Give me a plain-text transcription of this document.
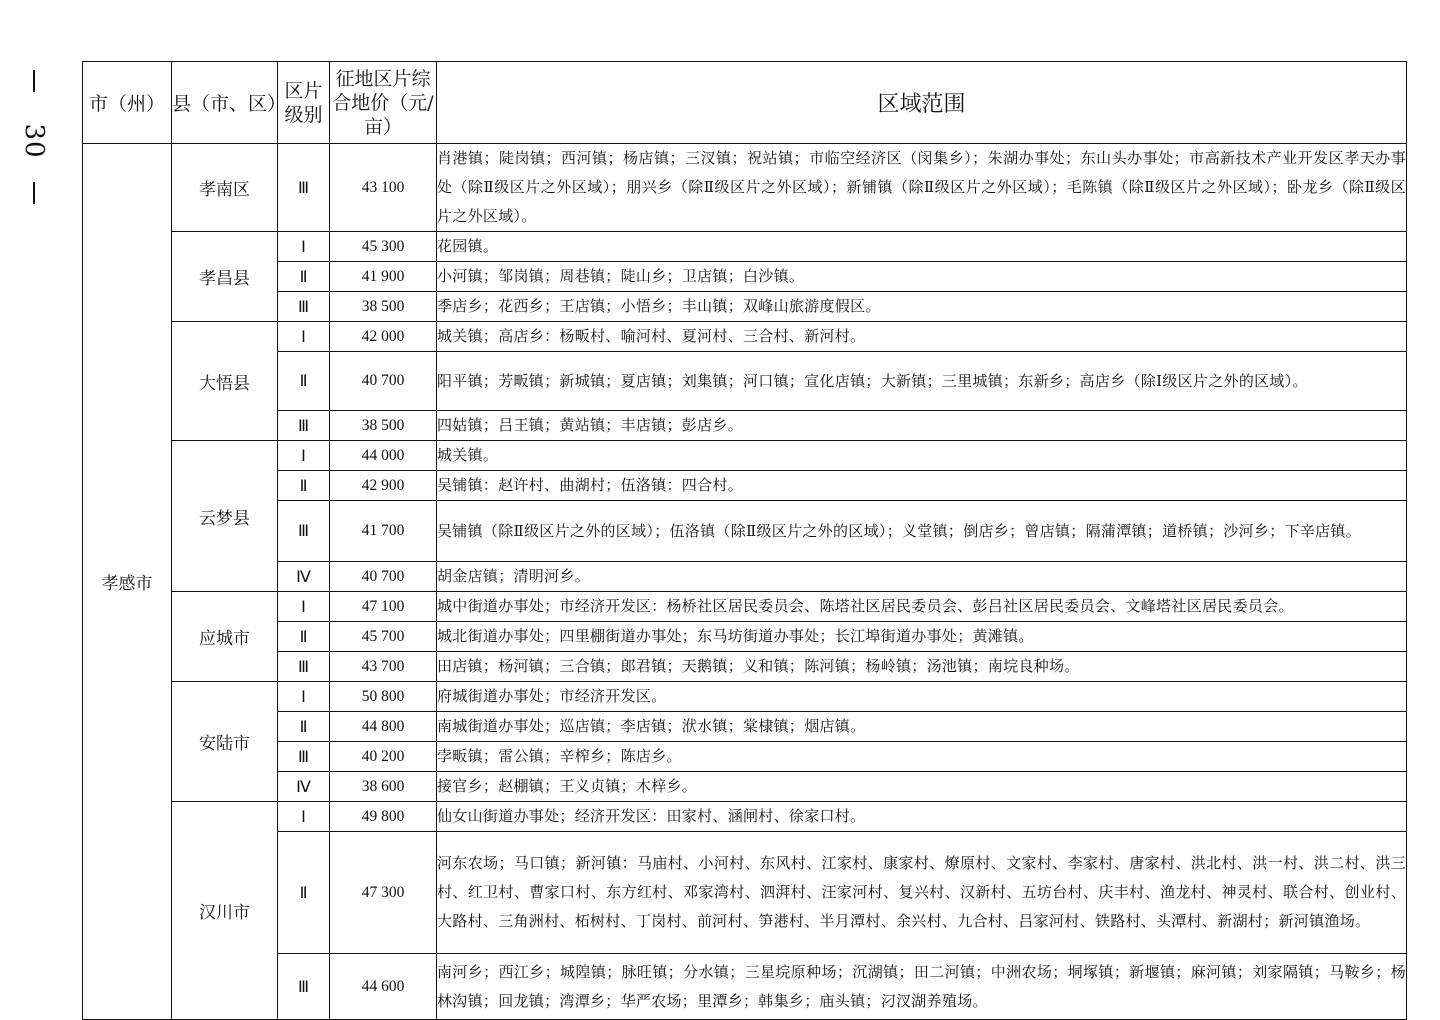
30
市（州）	县（市、区）	区片级别	征地区片综合地价（元/亩）	区域范围
孝感市	孝南区	Ⅲ	43 100	肖港镇；陡岗镇；西河镇；杨店镇；三汊镇；祝站镇；市临空经济区（闵集乡）；朱湖办事处；东山头办事处；市高新技术产业开发区孝天办事处（除Ⅱ级区片之外区域）；朋兴乡（除Ⅱ级区片之外区域）；新铺镇（除Ⅱ级区片之外区域）；毛陈镇（除Ⅱ级区片之外区域）；卧龙乡（除Ⅱ级区片之外区域）。
	孝昌县	Ⅰ	45 300	花园镇。
		Ⅱ	41 900	小河镇；邹岗镇；周巷镇；陡山乡；卫店镇；白沙镇。
		Ⅲ	38 500	季店乡；花西乡；王店镇；小悟乡；丰山镇；双峰山旅游度假区。
	大悟县	Ⅰ	42 000	城关镇；高店乡：杨畈村、喻河村、夏河村、三合村、新河村。
		Ⅱ	40 700	阳平镇；芳畈镇；新城镇；夏店镇；刘集镇；河口镇；宣化店镇；大新镇；三里城镇；东新乡；高店乡（除Ⅰ级区片之外的区域）。
		Ⅲ	38 500	四姑镇；吕王镇；黄站镇；丰店镇；彭店乡。
	云梦县	Ⅰ	44 000	城关镇。
		Ⅱ	42 900	吴铺镇：赵许村、曲湖村；伍洛镇：四合村。
		Ⅲ	41 700	吴铺镇（除Ⅱ级区片之外的区域）；伍洛镇（除Ⅱ级区片之外的区域）；义堂镇；倒店乡；曾店镇；隔蒲潭镇；道桥镇；沙河乡；下辛店镇。
		Ⅳ	40 700	胡金店镇；清明河乡。
	应城市	Ⅰ	47 100	城中街道办事处；市经济开发区：杨桥社区居民委员会、陈塔社区居民委员会、彭吕社区居民委员会、文峰塔社区居民委员会。
		Ⅱ	45 700	城北街道办事处；四里棚街道办事处；东马坊街道办事处；长江埠街道办事处；黄滩镇。
		Ⅲ	43 700	田店镇；杨河镇；三合镇；郎君镇；天鹅镇；义和镇；陈河镇；杨岭镇；汤池镇；南垸良种场。
	安陆市	Ⅰ	50 800	府城街道办事处；市经济开发区。
		Ⅱ	44 800	南城街道办事处；巡店镇；李店镇；洑水镇；棠棣镇；烟店镇。
		Ⅲ	40 200	孛畈镇；雷公镇；辛榨乡；陈店乡。
		Ⅳ	38 600	接官乡；赵棚镇；王义贞镇；木梓乡。
	汉川市	Ⅰ	49 800	仙女山街道办事处；经济开发区：田家村、涵闸村、徐家口村。
		Ⅱ	47 300	河东农场；马口镇；新河镇：马庙村、小河村、东风村、江家村、康家村、燎原村、文家村、李家村、唐家村、洪北村、洪一村、洪二村、洪三村、红卫村、曹家口村、东方红村、邓家湾村、泗湃村、汪家河村、复兴村、汉新村、五坊台村、庆丰村、渔龙村、神灵村、联合村、创业村、大路村、三角洲村、柘树村、丁岗村、前河村、笋港村、半月潭村、余兴村、九合村、吕家河村、铁路村、头潭村、新湖村；新河镇渔场。
		Ⅲ	44 600	南河乡；西江乡；城隍镇；脉旺镇；分水镇；三星垸原种场；沉湖镇；田二河镇；中洲农场；垌塚镇；新堰镇；麻河镇；刘家隔镇；马鞍乡；杨林沟镇；回龙镇；湾潭乡；华严农场；里潭乡；韩集乡；庙头镇；汈汊湖养殖场。
